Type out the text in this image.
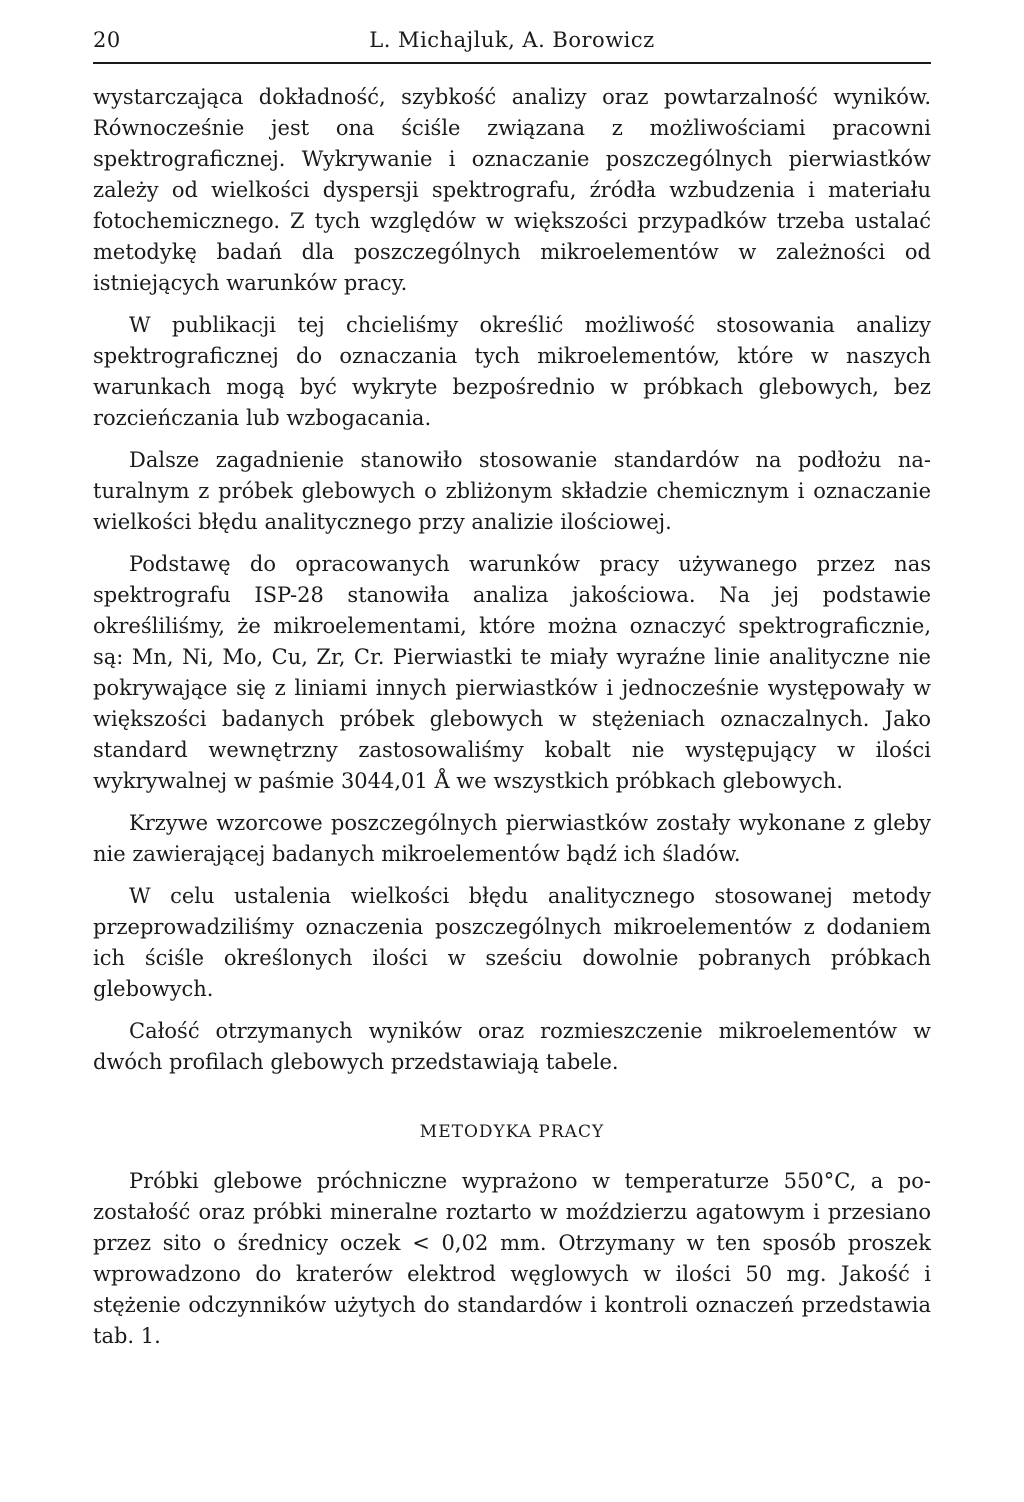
20	L. Michajluk, A. Borowicz

wystarczająca dokładność, szybkość analizy oraz powtarzalność wyników. Równocześnie jest ona ściśle związana z możliwościami pracowni spektrograficznej. Wykrywanie i oznaczanie poszczególnych pierwiastków zależy od wielkości dyspersji spektrografu, źródła wzbudzenia i materiału fotochemicznego. Z tych względów w większości przypadków trzeba ustalać metodykę badań dla poszczególnych mikroelementów w zależności od istniejących warunków pracy.

W publikacji tej chcieliśmy określić możliwość stosowania analizy spektrograficznej do oznaczania tych mikroelementów, które w naszych warunkach mogą być wykryte bezpośrednio w próbkach glebowych, bez rozcieńczania lub wzbogacania.

Dalsze zagadnienie stanowiło stosowanie standardów na podłożu naturalnym z próbek glebowych o zbliżonym składzie chemicznym i oznaczanie wielkości błędu analitycznego przy analizie ilościowej.

Podstawę do opracowanych warunków pracy używanego przez nas spektrografu ISP-28 stanowiła analiza jakościowa. Na jej podstawie określiliśmy, że mikroelementami, które można oznaczyć spektrograficznie, są: Mn, Ni, Mo, Cu, Zr, Cr. Pierwiastki te miały wyraźne linie analityczne nie pokrywające się z liniami innych pierwiastków i jednocześnie występowały w większości badanych próbek glebowych w stężeniach oznaczalnych. Jako standard wewnętrzny zastosowaliśmy kobalt nie występujący w ilości wykrywalnej w paśmie 3044,01 Å we wszystkich próbkach glebowych.

Krzywe wzorcowe poszczególnych pierwiastków zostały wykonane z gleby nie zawierającej badanych mikroelementów bądź ich śladów.

W celu ustalenia wielkości błędu analitycznego stosowanej metody przeprowadziliśmy oznaczenia poszczególnych mikroelementów z dodaniem ich ściśle określonych ilości w sześciu dowolnie pobranych próbkach glebowych.

Całość otrzymanych wyników oraz rozmieszczenie mikroelementów w dwóch profilach glebowych przedstawiają tabele.

METODYKA PRACY

Próbki glebowe próchniczne wyprażono w temperaturze 550°C, a pozostałość oraz próbki mineralne roztarto w moździerzu agatowym i przesiano przez sito o średnicy oczek < 0,02 mm. Otrzymany w ten sposób proszek wprowadzono do kraterów elektrod węglowych w ilości 50 mg. Jakość i stężenie odczynników użytych do standardów i kontroli oznaczeń przedstawia tab. 1.
